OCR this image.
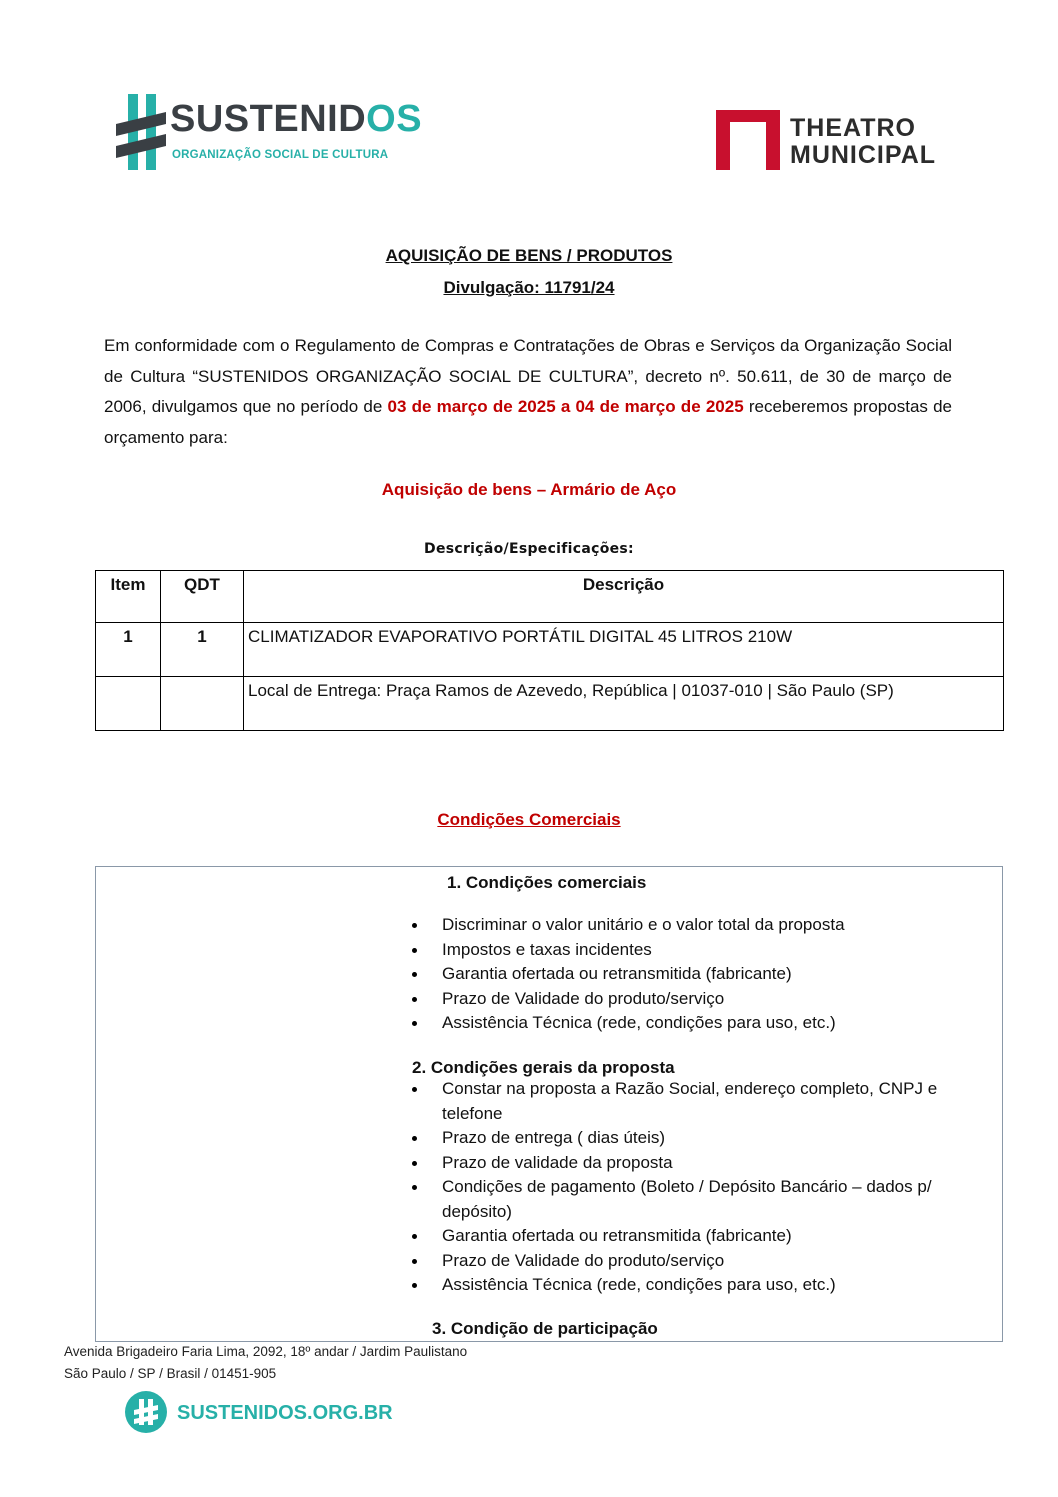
SUSTENIDOS
ORGANIZAÇÃO SOCIAL DE CULTURA
THEATRO
MUNICIPAL
AQUISIÇÃO DE BENS / PRODUTOS
Divulgação: 11791/24
Em conformidade com o Regulamento de Compras e Contratações de Obras e Serviços da Organização Social de Cultura “SUSTENIDOS ORGANIZAÇÃO SOCIAL DE CULTURA”, decreto nº. 50.611, de 30 de março de 2006, divulgamos que no período de 03 de março de 2025 a 04 de março de 2025 receberemos propostas de orçamento para:
Aquisição de bens – Armário de Aço
Descrição/Especificações:
Item	QDT	Descrição
1	1	CLIMATIZADOR EVAPORATIVO PORTÁTIL DIGITAL 45 LITROS 210W
		Local de Entrega: Praça Ramos de Azevedo, República | 01037-010 | São Paulo (SP)
Condições Comerciais
1. Condições comerciais
Discriminar o valor unitário e o valor total da proposta
Impostos e taxas incidentes
Garantia ofertada ou retransmitida (fabricante)
Prazo de Validade do produto/serviço
Assistência Técnica (rede, condições para uso, etc.)
2. Condições gerais da proposta
Constar na proposta a Razão Social, endereço completo, CNPJ e telefone
Prazo de entrega ( dias úteis)
Prazo de validade da proposta
Condições de pagamento (Boleto / Depósito Bancário – dados p/ depósito)
Garantia ofertada ou retransmitida (fabricante)
Prazo de Validade do produto/serviço
Assistência Técnica (rede, condições para uso, etc.)
3. Condição de participação
Avenida Brigadeiro Faria Lima, 2092, 18º andar / Jardim Paulistano
São Paulo / SP / Brasil / 01451-905
SUSTENIDOS.ORG.BR
